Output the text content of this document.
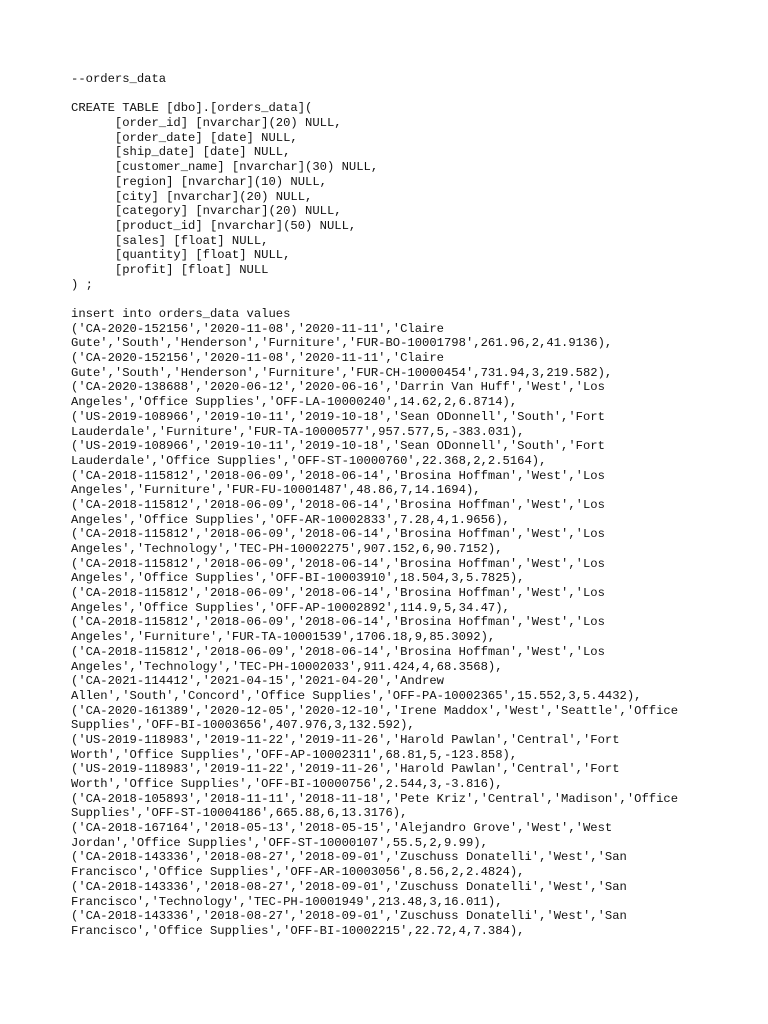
--orders_data
CREATE TABLE [dbo].[orders_data](
[order_id] [nvarchar](20) NULL,
[order_date] [date] NULL,
[ship_date] [date] NULL,
[customer_name] [nvarchar](30) NULL,
[region] [nvarchar](10) NULL,
[city] [nvarchar](20) NULL,
[category] [nvarchar](20) NULL,
[product_id] [nvarchar](50) NULL,
[sales] [float] NULL,
[quantity] [float] NULL,
[profit] [float] NULL
) ;
insert into orders_data values
('CA-2020-152156','2020-11-08','2020-11-11','Claire
Gute','South','Henderson','Furniture','FUR-BO-10001798',261.96,2,41.9136),
('CA-2020-152156','2020-11-08','2020-11-11','Claire
Gute','South','Henderson','Furniture','FUR-CH-10000454',731.94,3,219.582),
('CA-2020-138688','2020-06-12','2020-06-16','Darrin Van Huff','West','Los
Angeles','Office Supplies','OFF-LA-10000240',14.62,2,6.8714),
('US-2019-108966','2019-10-11','2019-10-18','Sean ODonnell','South','Fort
Lauderdale','Furniture','FUR-TA-10000577',957.577,5,-383.031),
('US-2019-108966','2019-10-11','2019-10-18','Sean ODonnell','South','Fort
Lauderdale','Office Supplies','OFF-ST-10000760',22.368,2,2.5164),
('CA-2018-115812','2018-06-09','2018-06-14','Brosina Hoffman','West','Los
Angeles','Furniture','FUR-FU-10001487',48.86,7,14.1694),
('CA-2018-115812','2018-06-09','2018-06-14','Brosina Hoffman','West','Los
Angeles','Office Supplies','OFF-AR-10002833',7.28,4,1.9656),
('CA-2018-115812','2018-06-09','2018-06-14','Brosina Hoffman','West','Los
Angeles','Technology','TEC-PH-10002275',907.152,6,90.7152),
('CA-2018-115812','2018-06-09','2018-06-14','Brosina Hoffman','West','Los
Angeles','Office Supplies','OFF-BI-10003910',18.504,3,5.7825),
('CA-2018-115812','2018-06-09','2018-06-14','Brosina Hoffman','West','Los
Angeles','Office Supplies','OFF-AP-10002892',114.9,5,34.47),
('CA-2018-115812','2018-06-09','2018-06-14','Brosina Hoffman','West','Los
Angeles','Furniture','FUR-TA-10001539',1706.18,9,85.3092),
('CA-2018-115812','2018-06-09','2018-06-14','Brosina Hoffman','West','Los
Angeles','Technology','TEC-PH-10002033',911.424,4,68.3568),
('CA-2021-114412','2021-04-15','2021-04-20','Andrew
Allen','South','Concord','Office Supplies','OFF-PA-10002365',15.552,3,5.4432),
('CA-2020-161389','2020-12-05','2020-12-10','Irene Maddox','West','Seattle','Office
Supplies','OFF-BI-10003656',407.976,3,132.592),
('US-2019-118983','2019-11-22','2019-11-26','Harold Pawlan','Central','Fort
Worth','Office Supplies','OFF-AP-10002311',68.81,5,-123.858),
('US-2019-118983','2019-11-22','2019-11-26','Harold Pawlan','Central','Fort
Worth','Office Supplies','OFF-BI-10000756',2.544,3,-3.816),
('CA-2018-105893','2018-11-11','2018-11-18','Pete Kriz','Central','Madison','Office
Supplies','OFF-ST-10004186',665.88,6,13.3176),
('CA-2018-167164','2018-05-13','2018-05-15','Alejandro Grove','West','West
Jordan','Office Supplies','OFF-ST-10000107',55.5,2,9.99),
('CA-2018-143336','2018-08-27','2018-09-01','Zuschuss Donatelli','West','San
Francisco','Office Supplies','OFF-AR-10003056',8.56,2,2.4824),
('CA-2018-143336','2018-08-27','2018-09-01','Zuschuss Donatelli','West','San
Francisco','Technology','TEC-PH-10001949',213.48,3,16.011),
('CA-2018-143336','2018-08-27','2018-09-01','Zuschuss Donatelli','West','San
Francisco','Office Supplies','OFF-BI-10002215',22.72,4,7.384),
